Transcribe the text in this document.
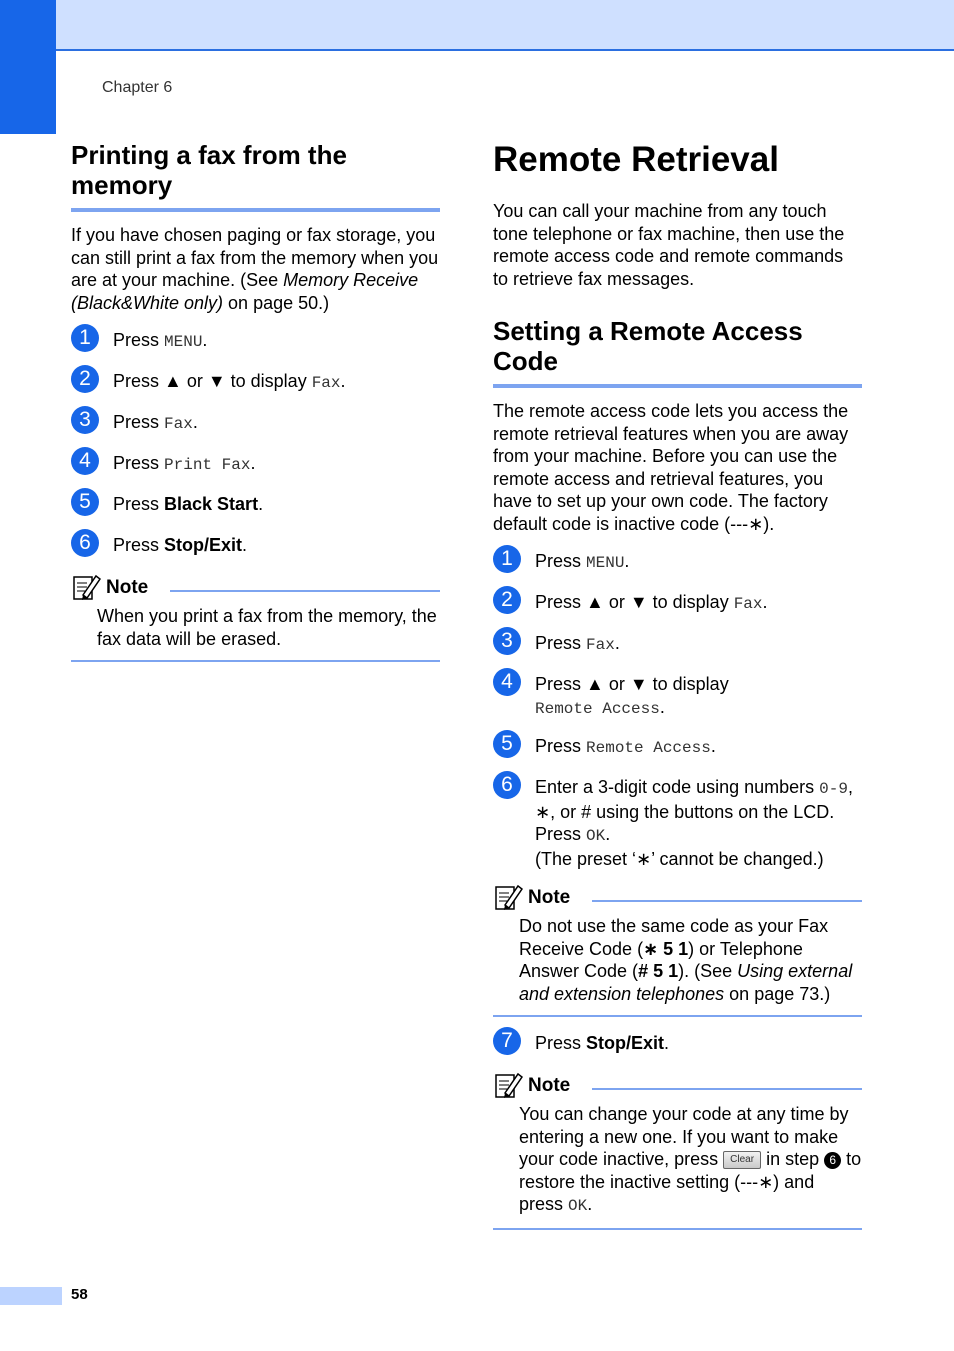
Chapter 6
Printing a fax from the memory

If you have chosen paging or fax storage, you can still print a fax from the memory when you are at your machine. (See Memory Receive (Black&White only) on page 50.)

1	Press MENU.
2	Press ▲ or ▼ to display Fax.
3	Press Fax.
4	Press Print Fax.
5	Press Black Start.
6	Press Stop/Exit.
Note
When you print a fax from the memory, the fax data will be erased.
Remote Retrieval

You can call your machine from any touch tone telephone or fax machine, then use the remote access code and remote commands to retrieve fax messages.

Setting a Remote Access Code

The remote access code lets you access the remote retrieval features when you are away from your machine. Before you can use the remote access and retrieval features, you have to set up your own code. The factory default code is inactive code (---∗).

1	Press MENU.
2	Press ▲ or ▼ to display Fax.
3	Press Fax.
4	Press ▲ or ▼ to display
Remote Access.
5	Press Remote Access.
6	Enter a 3-digit code using numbers 0-9,
∗, or # using the buttons on the LCD.
Press OK.
(The preset ‘∗’ cannot be changed.)
Note
Do not use the same code as your Fax Receive Code (∗ 5 1) or Telephone Answer Code (# 5 1). (See Using external and extension telephones on page 73.)
7	Press Stop/Exit.
Note
You can change your code at any time by entering a new one. If you want to make your code inactive, press Clear in step 6 to restore the inactive setting (---∗) and press OK.
58
